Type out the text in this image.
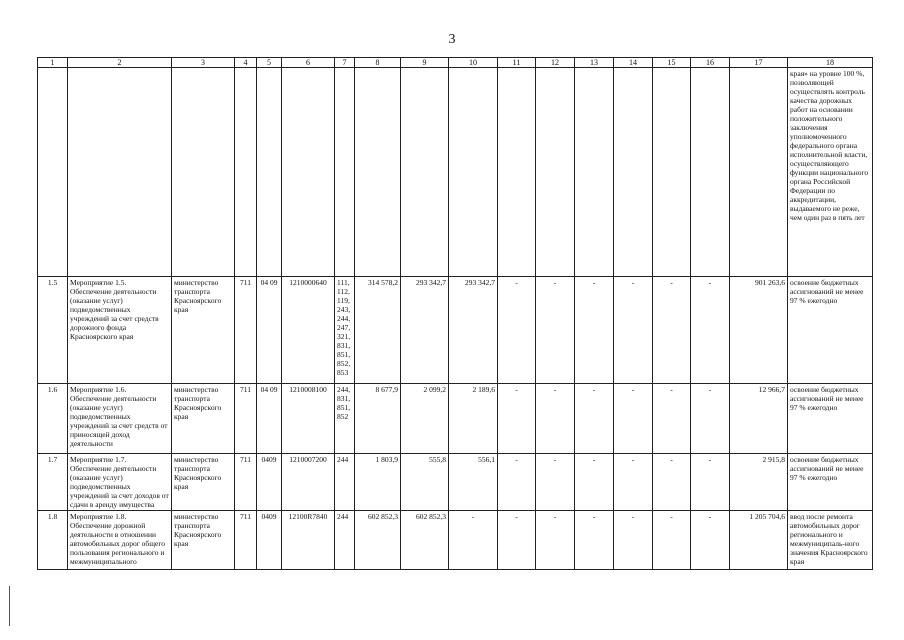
3
1	2	3	4	5	6	7	8	9	10	11	12	13	14	15	16	17	18
																	края» на уровне 100 %, позволяющей осуществлять контроль качества дорожных работ на основании положительного заключения уполномоченного федерального органа исполнительной власти, осуществляющего функции национального органа Российской Федерации по аккредитации, выдаваемого не реже, чем один раз в пять лет
1.5	Мероприятие 1.5. Обеспечение деятельности (оказание услуг) подведомственных учреждений за счет средств дорожного фонда Красноярского края	министерство транспорта Красноярского края	711	04 09	1210000640	111, 112, 119, 243, 244, 247, 321, 831, 851, 852, 853	314 578,2	293 342,7	293 342,7	-	-	-	-	-	-	901 263,6	освоение бюджетных ассигнований не менее 97 % ежегодно
1.6	Мероприятие 1.6. Обеспечение деятельности (оказание услуг) подведомственных учреждений за счет средств от приносящей доход деятельности	министерство транспорта Красноярского края	711	04 09	1210008100	244, 831, 851, 852	8 677,9	2 099,2	2 189,6	-	-	-	-	-	-	12 966,7	освоение бюджетных ассигнований не менее 97 % ежегодно
1.7	Мероприятие 1.7. Обеспечение деятельности (оказание услуг) подведомственных учреждений за счет доходов от сдачи в аренду имущества	министерство транспорта Красноярского края	711	0409	1210007200	244	1 803,9	555,8	556,1	-	-	-	-	-	-	2 915,8	освоение бюджетных ассигнований не менее 97 % ежегодно
1.8	Мероприятие 1.8. Обеспечение дорожной деятельности в отношении автомобильных дорог общего пользования регионального и межмуниципального	министерство транспорта Красноярского края	711	0409	12100R7840	244	602 852,3	602 852,3	-	-	-	-	-	-	-	1 205 704,6	ввод после ремонта автомобильных дорог регионального и межмуниципаль-ного значения Красноярского края
